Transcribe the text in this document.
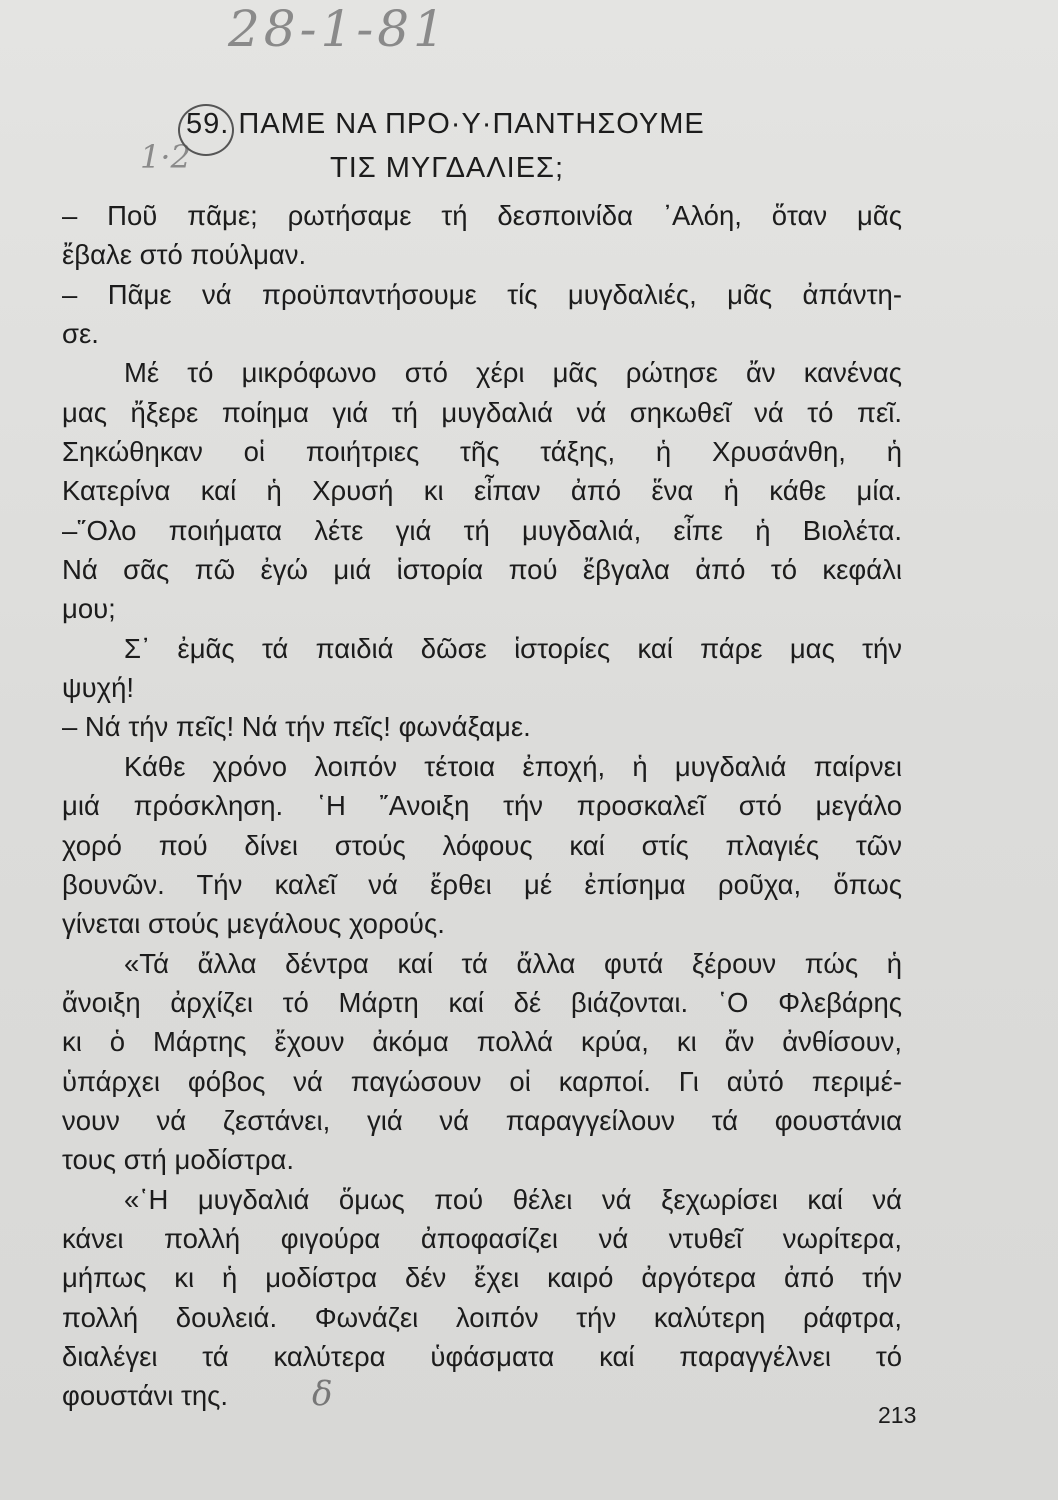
28-1-81
1·2
59. ΠΑΜΕ ΝΑ ΠΡΟ·Υ·ΠΑΝΤΗΣΟΥΜΕ
ΤΙΣ ΜΥΓΔΑΛΙΕΣ;
– Ποῦ πᾶμε; ρωτήσαμε τή δεσποινίδα ᾿Αλόη, ὅταν μᾶς
ἔβαλε στό πούλμαν.
– Πᾶμε νά προϋπαντήσουμε τίς μυγδαλιές, μᾶς ἀπάντη-
σε.
Μέ τό μικρόφωνο στό χέρι μᾶς ρώτησε ἄν κανένας
μας ἤξερε ποίημα γιά τή μυγδαλιά νά σηκωθεῖ νά τό πεῖ.
Σηκώθηκαν οἱ ποιήτριες τῆς τάξης, ἡ Χρυσάνθη, ἡ
Κατερίνα καί ἡ Χρυσή κι εἶπαν ἀπό ἕνα ἡ κάθε μία.
–῞Ολο ποιήματα λέτε γιά τή μυγδαλιά, εἶπε ἡ Βιολέτα.
Νά σᾶς πῶ ἐγώ μιά ἱστορία πού ἔβγαλα ἀπό τό κεφάλι
μου;
Σ᾿ ἐμᾶς τά παιδιά δῶσε ἱστορίες καί πάρε μας τήν
ψυχή!
– Νά τήν πεῖς! Νά τήν πεῖς! φωνάξαμε.
Κάθε χρόνο λοιπόν τέτοια ἐποχή, ἡ μυγδαλιά παίρνει
μιά πρόσκληση. ῾Η ῎Ανοιξη τήν προσκαλεῖ στό μεγάλο
χορό πού δίνει στούς λόφους καί στίς πλαγιές τῶν
βουνῶν. Τήν καλεῖ νά ἔρθει μέ ἐπίσημα ροῦχα, ὅπως
γίνεται στούς μεγάλους χορούς.
«Τά ἄλλα δέντρα καί τά ἄλλα φυτά ξέρουν πώς ἡ
ἄνοιξη ἀρχίζει τό Μάρτη καί δέ βιάζονται. ῾Ο Φλεβάρης
κι ὁ Μάρτης ἔχουν ἀκόμα πολλά κρύα, κι ἄν ἀνθίσουν,
ὑπάρχει φόβος νά παγώσουν οἱ καρποί. Γι αὐτό περιμέ-
νουν νά ζεστάνει, γιά νά παραγγείλουν τά φουστάνια
τους στή μοδίστρα.
«῾Η μυγδαλιά ὅμως πού θέλει νά ξεχωρίσει καί νά
κάνει πολλή φιγούρα ἀποφασίζει νά ντυθεῖ νωρίτερα,
μήπως κι ἡ μοδίστρα δέν ἔχει καιρό ἀργότερα ἀπό τήν
πολλή δουλειά. Φωνάζει λοιπόν τήν καλύτερη ράφτρα,
διαλέγει τά καλύτερα ὑφάσματα καί παραγγέλνει τό
φουστάνι της.	δ
213
